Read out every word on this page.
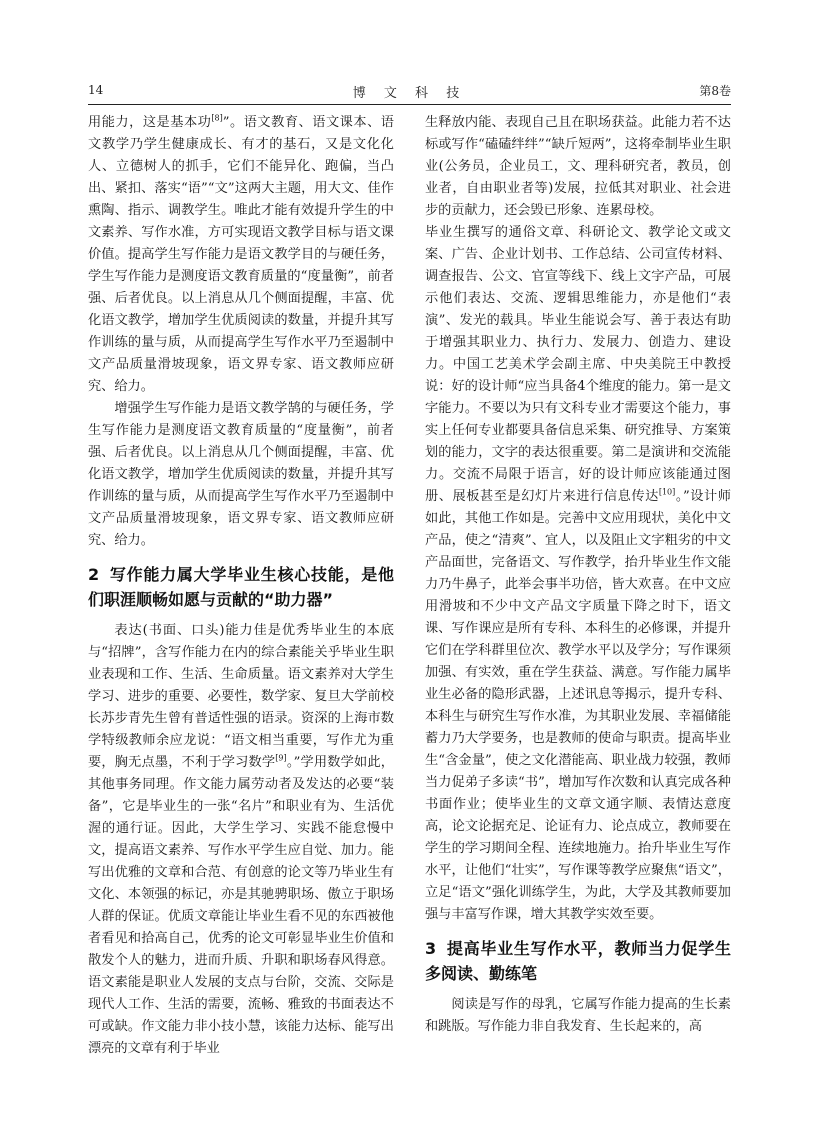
14	博 文 科 技	第8卷

用能力，这是基本功[8]”。语文教育、语文课本、语文教学乃学生健康成长、有才的基石，又是文化化人、立德树人的抓手，它们不能异化、跑偏，当凸出、紧扣、落实“语”“文”这两大主题，用大文、佳作熏陶、指示、调教学生。唯此才能有效提升学生的中文素养、写作水准，方可实现语文教学目标与语文课价值。提高学生写作能力是语文教学目的与硬任务，学生写作能力是测度语文教育质量的“度量衡”，前者强、后者优良。以上消息从几个侧面提醒，丰富、优化语文教学，增加学生优质阅读的数量，并提升其写作训练的量与质，从而提高学生写作水平乃至遏制中文产品质量滑坡现象，语文界专家、语文教师应研究、给力。

增强学生写作能力是语文教学鹄的与硬任务，学生写作能力是测度语文教育质量的“度量衡”，前者强、后者优良。以上消息从几个侧面提醒，丰富、优化语文教学，增加学生优质阅读的数量，并提升其写作训练的量与质，从而提高学生写作水平乃至遏制中文产品质量滑坡现象，语文界专家、语文教师应研究、给力。

2 写作能力属大学毕业生核心技能，是他们职涯顺畅如愿与贡献的“助力器”

表达(书面、口头)能力佳是优秀毕业生的本底与“招牌”，含写作能力在内的综合素能关乎毕业生职业表现和工作、生活、生命质量。语文素养对大学生学习、进步的重要、必要性，数学家、复旦大学前校长苏步青先生曾有普适性强的语录。资深的上海市数学特级教师余应龙说：“语文相当重要，写作尤为重要，胸无点墨，不利于学习数学[9]。”学用数学如此，其他事务同理。作文能力属劳动者及发达的必要“装备”，它是毕业生的一张“名片”和职业有为、生活优渥的通行证。因此，大学生学习、实践不能怠慢中文，提高语文素养、写作水平学生应自觉、加力。能写出优雅的文章和合范、有创意的论文等乃毕业生有文化、本领强的标记，亦是其驰骋职场、傲立于职场人群的保证。优质文章能让毕业生看不见的东西被他者看见和拾高自己，优秀的论文可彰显毕业生价值和散发个人的魅力，进而升质、升职和职场春风得意。语文素能是职业人发展的支点与台阶，交流、交际是现代人工作、生活的需要，流畅、雅致的书面表达不可或缺。作文能力非小技小慧，该能力达标、能写出漂亮的文章有利于毕业

生释放内能、表现自己且在职场获益。此能力若不达标或写作“磕磕绊绊”“缺斤短两”，这将牵制毕业生职业(公务员，企业员工，文、理科研究者，教员，创业者，自由职业者等)发展，拉低其对职业、社会进步的贡献力，还会毁已形象、连累母校。

毕业生撰写的通俗文章、科研论文、教学论文或文案、广告、企业计划书、工作总结、公司宣传材料、调查报告、公文、官宣等线下、线上文字产品，可展示他们表达、交流、逻辑思维能力，亦是他们“表演”、发光的载具。毕业生能说会写、善于表达有助于增强其职业力、执行力、发展力、创造力、建设力。中国工艺美术学会副主席、中央美院王中教授说：好的设计师“应当具备4个维度的能力。第一是文字能力。不要以为只有文科专业才需要这个能力，事实上任何专业都要具备信息采集、研究推导、方案策划的能力，文字的表达很重要。第二是演讲和交流能力。交流不局限于语言，好的设计师应该能通过图册、展板甚至是幻灯片来进行信息传达[10]。”设计师如此，其他工作如是。完善中文应用现状，美化中文产品，使之“清爽”、宜人，以及阻止文字粗劣的中文产品面世，完备语文、写作教学，抬升毕业生作文能力乃牛鼻子，此举会事半功倍，皆大欢喜。在中文应用滑坡和不少中文产品文字质量下降之时下，语文课、写作课应是所有专科、本科生的必修课，并提升它们在学科群里位次、教学水平以及学分；写作课须加强、有实效，重在学生获益、满意。写作能力属毕业生必备的隐形武器，上述讯息等揭示，提升专科、本科生与研究生写作水准，为其职业发展、幸福储能蓄力乃大学要务，也是教师的使命与职责。提高毕业生“含金量”，使之文化潜能高、职业战力较强，教师当力促弟子多读“书”，增加写作次数和认真完成各种书面作业；使毕业生的文章文通字顺、表情达意度高，论文论据充足、论证有力、论点成立，教师要在学生的学习期间全程、连续地施力。抬升毕业生写作水平，让他们“壮实”，写作课等教学应聚焦“语文”，立足“语文”强化训练学生，为此，大学及其教师要加强与丰富写作课，增大其教学实效至要。

3 提高毕业生写作水平，教师当力促学生多阅读、勤练笔

阅读是写作的母乳，它属写作能力提高的生长素和跳版。写作能力非自我发育、生长起来的，高
